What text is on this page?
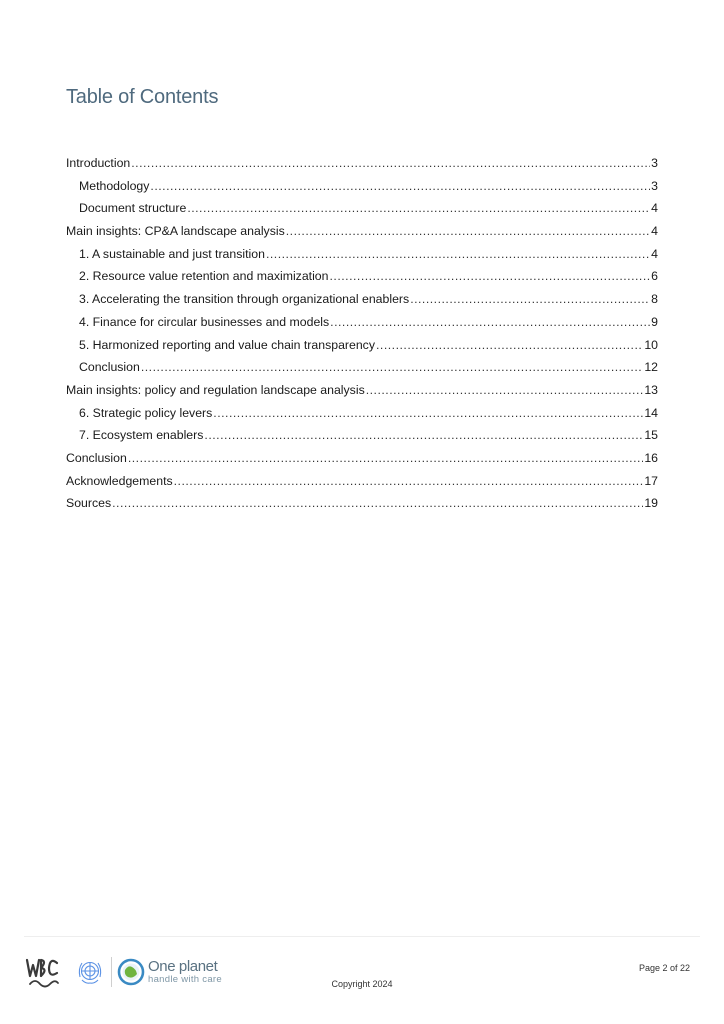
Table of Contents
Introduction .....	3
Methodology .....	3
Document structure .....	4
Main insights: CP&A landscape analysis .....	4
1. A sustainable and just transition .....	4
2. Resource value retention and maximization .....	6
3. Accelerating the transition through organizational enablers .....	8
4. Finance for circular businesses and models .....	9
5. Harmonized reporting and value chain transparency .....	10
Conclusion .....	12
Main insights: policy and regulation landscape analysis .....	13
6. Strategic policy levers .....	14
7. Ecosystem enablers .....	15
Conclusion .....	16
Acknowledgements .....	17
Sources .....	19
One planet
handle with care
Page 2 of 22
Copyright 2024
